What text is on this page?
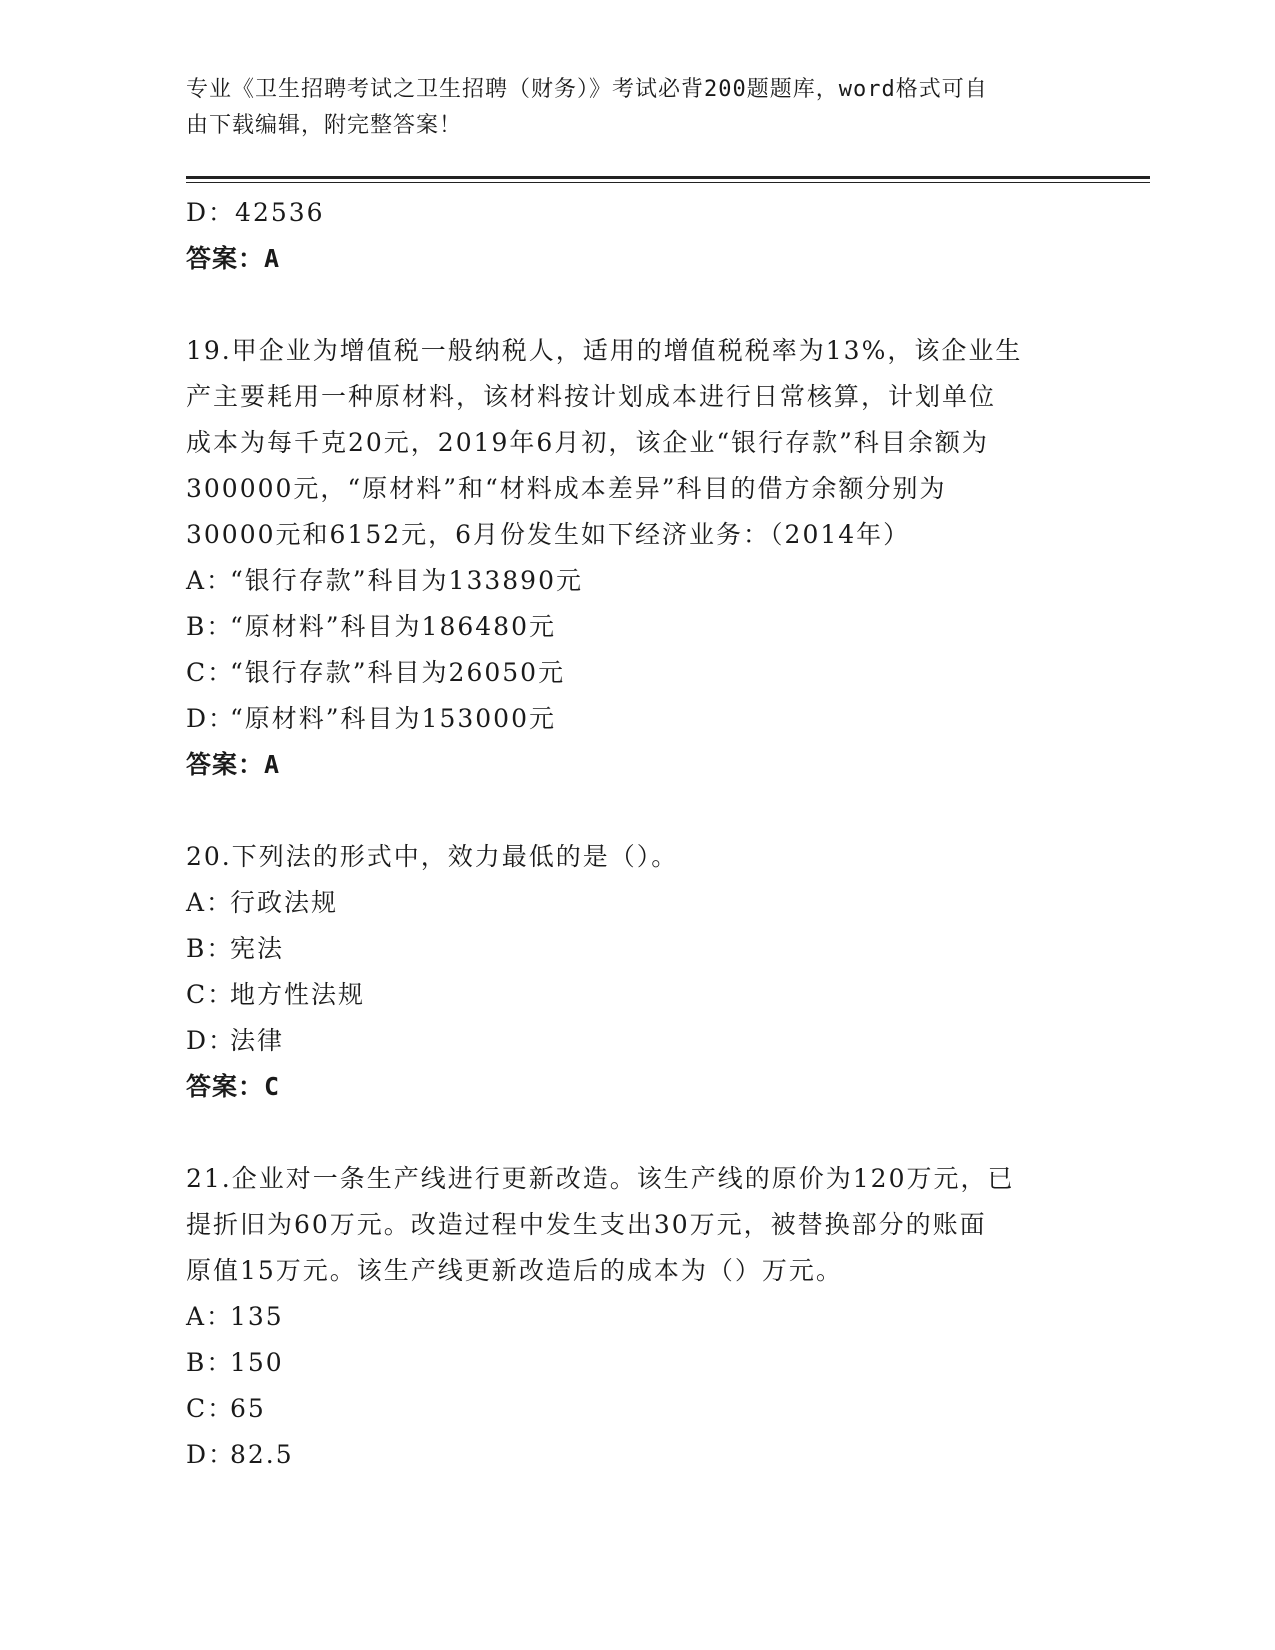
专业《卫生招聘考试之卫生招聘（财务）》考试必背200题题库，word格式可自
由下载编辑，附完整答案！
D：42536
答案：A
19.甲企业为增值税一般纳税人，适用的增值税税率为13%，该企业生
产主要耗用一种原材料，该材料按计划成本进行日常核算，计划单位
成本为每千克20元，2019年6月初，该企业“银行存款”科目余额为
300000元，“原材料”和“材料成本差异”科目的借方余额分别为
30000元和6152元，6月份发生如下经济业务：（2014年）
A：“银行存款”科目为133890元
B：“原材料”科目为186480元
C：“银行存款”科目为26050元
D：“原材料”科目为153000元
答案：A
20.下列法的形式中，效力最低的是（）。
A：行政法规
B：宪法
C：地方性法规
D：法律
答案：C
21.企业对一条生产线进行更新改造。该生产线的原价为120万元，已
提折旧为60万元。改造过程中发生支出30万元，被替换部分的账面
原值15万元。该生产线更新改造后的成本为（）万元。
A：135
B：150
C：65
D：82.5
